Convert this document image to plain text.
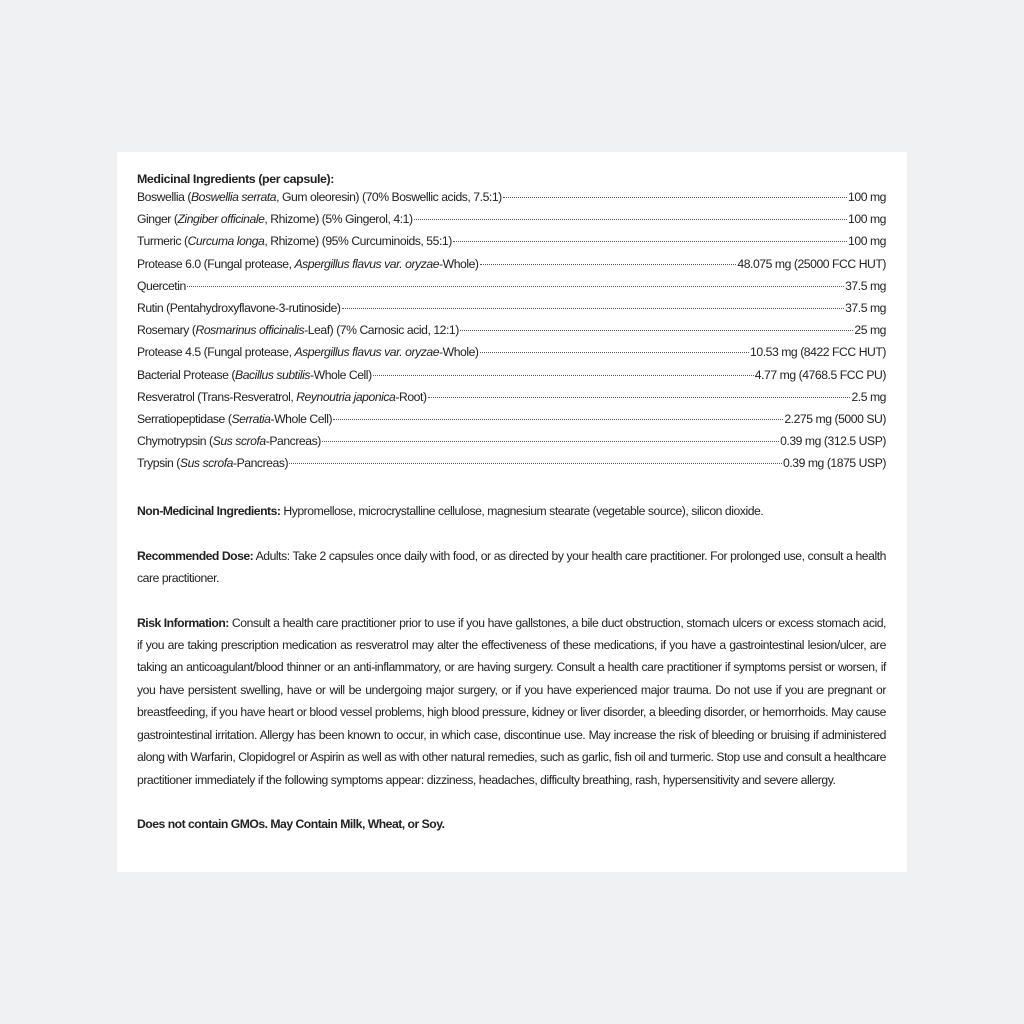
Medicinal Ingredients (per capsule):
Boswellia (Boswellia serrata, Gum oleoresin) (70% Boswellic acids, 7.5:1)	100 mg
Ginger (Zingiber officinale, Rhizome) (5% Gingerol, 4:1)	100 mg
Turmeric (Curcuma longa, Rhizome) (95% Curcuminoids, 55:1)	100 mg
Protease 6.0 (Fungal protease, Aspergillus flavus var. oryzae-Whole)	48.075 mg (25000 FCC HUT)
Quercetin	37.5 mg
Rutin (Pentahydroxyflavone-3-rutinoside)	37.5 mg
Rosemary (Rosmarinus officinalis-Leaf) (7% Carnosic acid, 12:1)	25 mg
Protease 4.5 (Fungal protease, Aspergillus flavus var. oryzae-Whole)	10.53 mg (8422 FCC HUT)
Bacterial Protease (Bacillus subtilis-Whole Cell)	4.77 mg (4768.5 FCC PU)
Resveratrol (Trans-Resveratrol, Reynoutria japonica-Root)	2.5 mg
Serratiopeptidase (Serratia-Whole Cell)	2.275 mg (5000 SU)
Chymotrypsin (Sus scrofa-Pancreas)	0.39 mg (312.5 USP)
Trypsin (Sus scrofa-Pancreas)	0.39 mg (1875 USP)

Non-Medicinal Ingredients: Hypromellose, microcrystalline cellulose, magnesium stearate (vegetable source), silicon dioxide.

Recommended Dose: Adults: Take 2 capsules once daily with food, or as directed by your health care practitioner. For prolonged use, consult a health care practitioner.

Risk Information: Consult a health care practitioner prior to use if you have gallstones, a bile duct obstruction, stomach ulcers or excess stomach acid, if you are taking prescription medication as resveratrol may alter the effectiveness of these medications, if you have a gastrointestinal lesion/ulcer, are taking an anticoagulant/blood thinner or an anti-inflammatory, or are having surgery. Consult a health care practitioner if symptoms persist or worsen, if you have persistent swelling, have or will be undergoing major surgery, or if you have experienced major trauma. Do not use if you are pregnant or breastfeeding, if you have heart or blood vessel problems, high blood pressure, kidney or liver disorder, a bleeding disorder, or hemorrhoids. May cause gastrointestinal irritation. Allergy has been known to occur, in which case, discontinue use. May increase the risk of bleeding or bruising if administered along with Warfarin, Clopidogrel or Aspirin as well as with other natural remedies, such as garlic, fish oil and turmeric. Stop use and consult a healthcare practitioner immediately if the following symptoms appear: dizziness, headaches, difficulty breathing, rash, hypersensitivity and severe allergy.

Does not contain GMOs. May Contain Milk, Wheat, or Soy.
